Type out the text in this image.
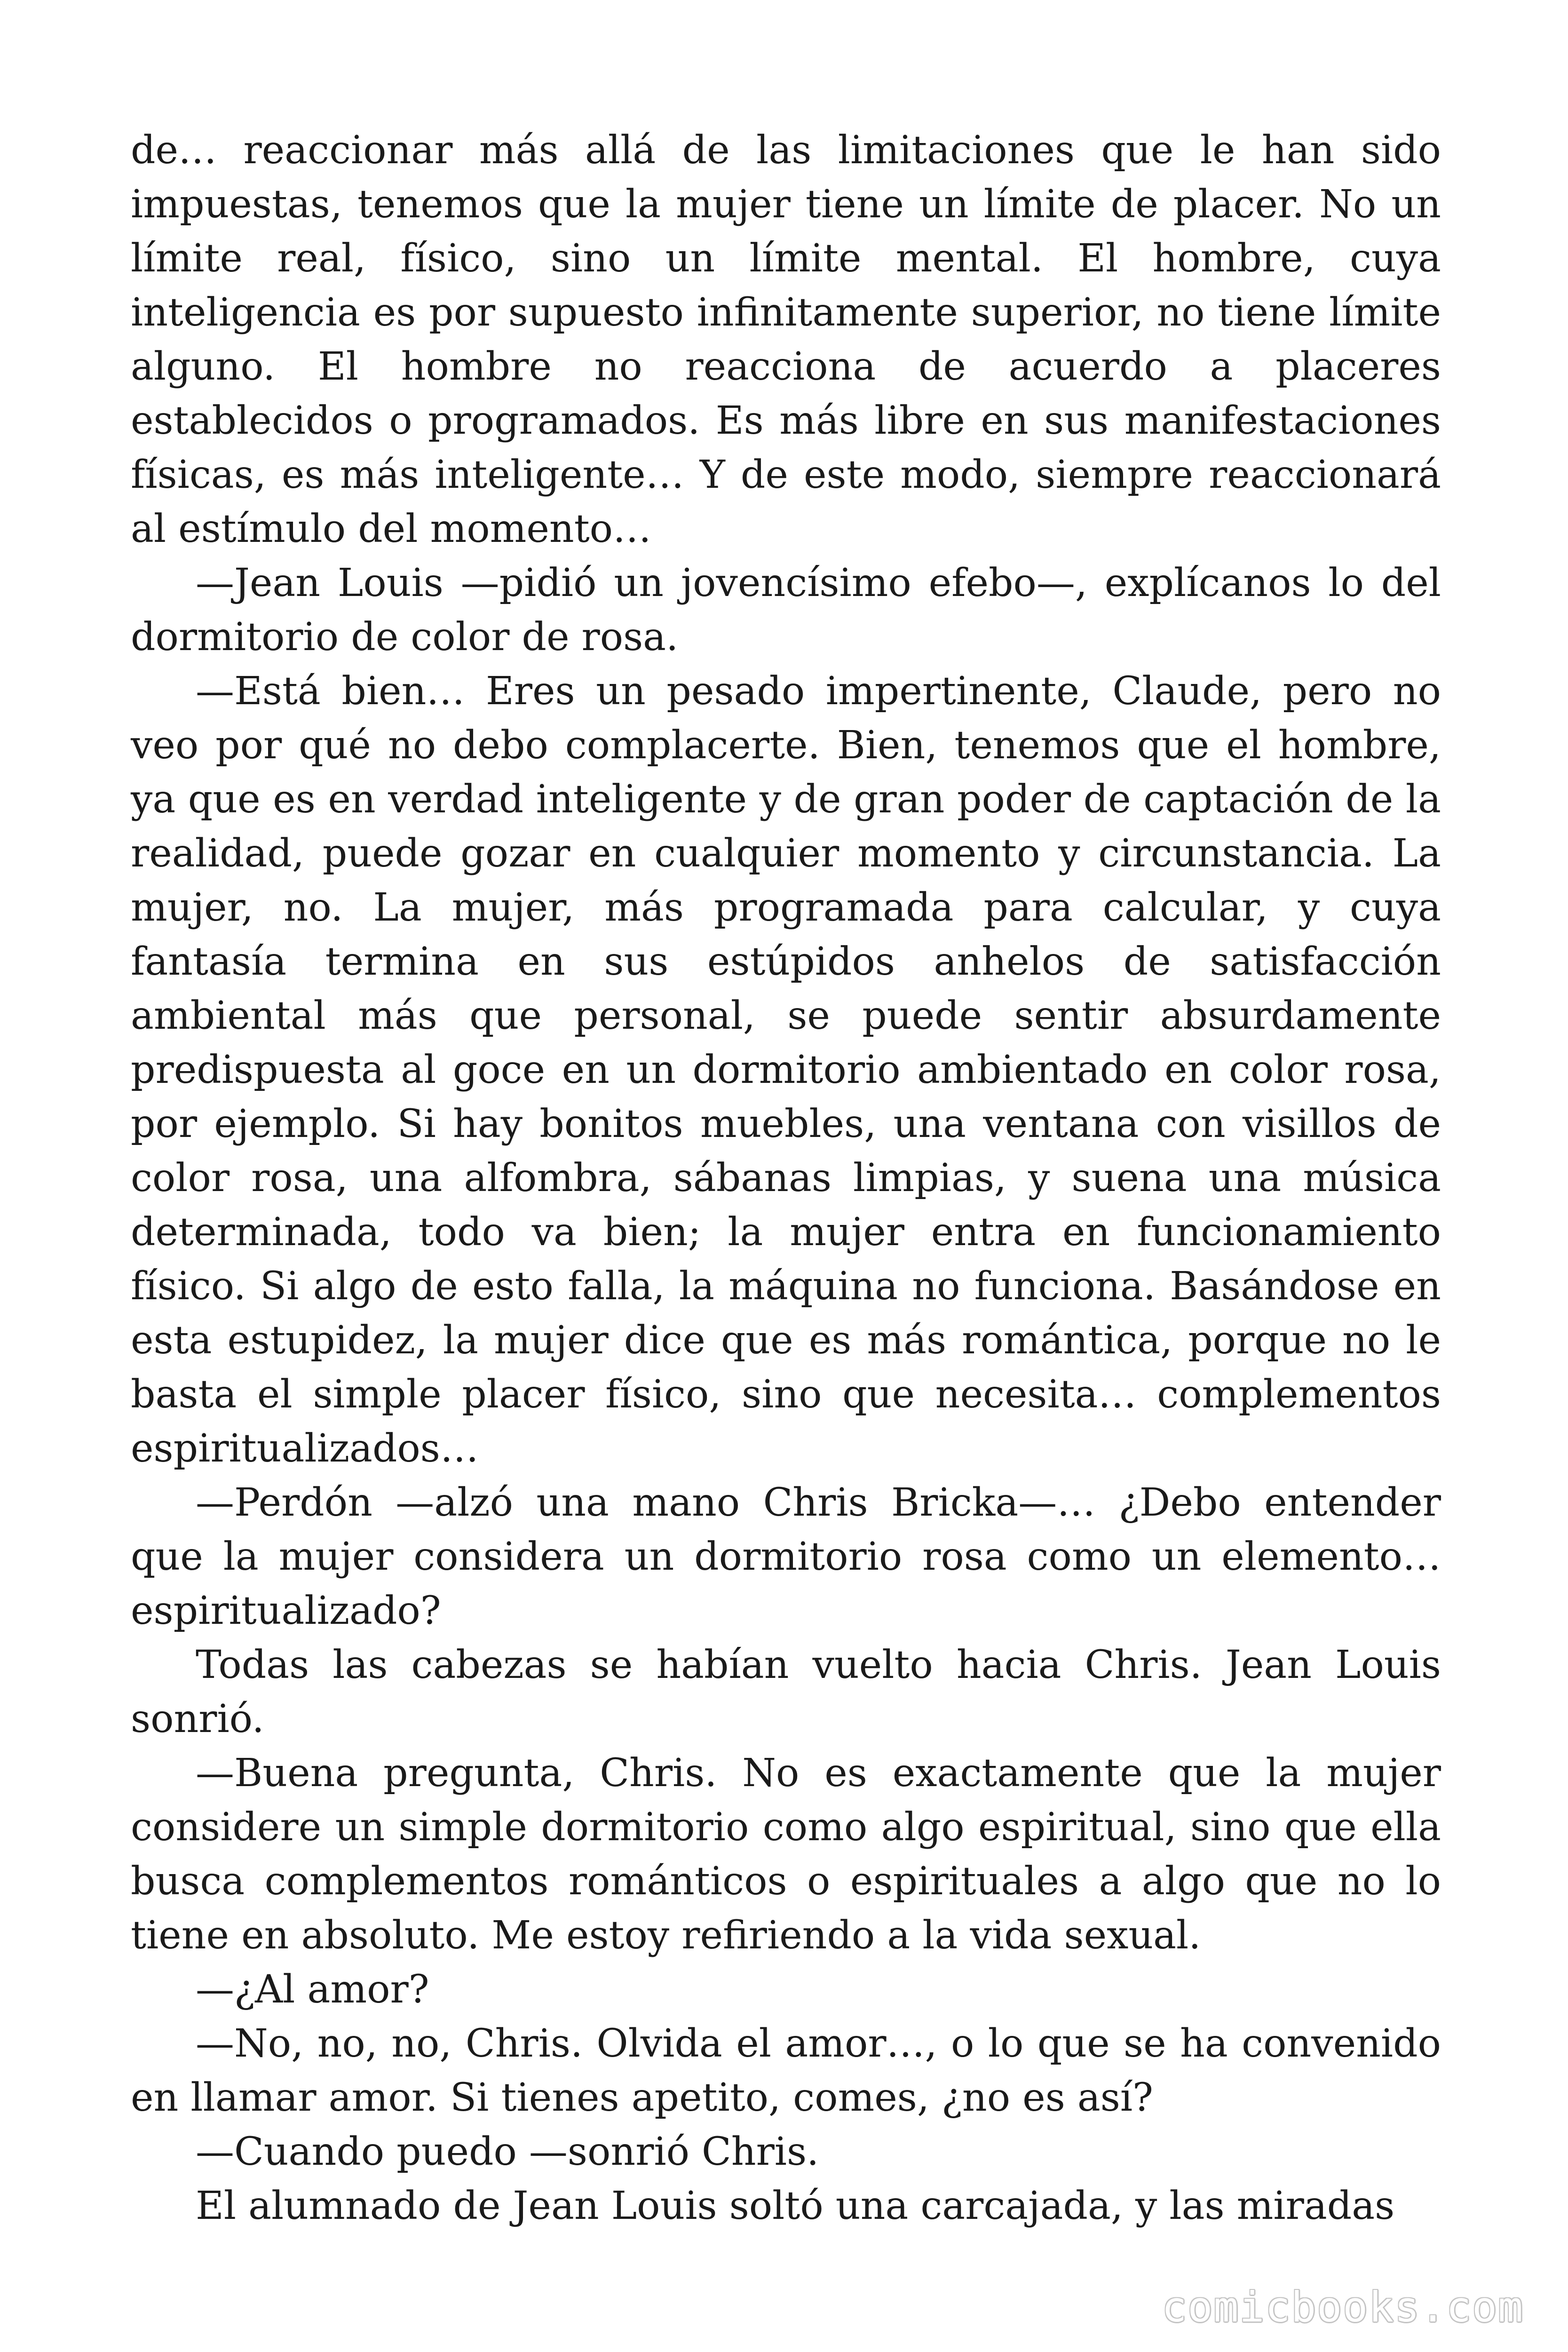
de… reaccionar más allá de las limitaciones que le han sido impuestas, tenemos que la mujer tiene un límite de placer. No un límite real, físico, sino un límite mental. El hombre, cuya inteligencia es por supuesto infinitamente superior, no tiene límite alguno. El hombre no reacciona de acuerdo a placeres establecidos o programados. Es más libre en sus manifestaciones físicas, es más inteligente… Y de este modo, siempre reaccionará al estímulo del momento…

—Jean Louis —pidió un jovencísimo efebo—, explícanos lo del dormitorio de color de rosa.

—Está bien… Eres un pesado impertinente, Claude, pero no veo por qué no debo complacerte. Bien, tenemos que el hombre, ya que es en verdad inteligente y de gran poder de captación de la realidad, puede gozar en cualquier momento y circunstancia. La mujer, no. La mujer, más programada para calcular, y cuya fantasía termina en sus estúpidos anhelos de satisfacción ambiental más que personal, se puede sentir absurdamente predispuesta al goce en un dormitorio ambientado en color rosa, por ejemplo. Si hay bonitos muebles, una ventana con visillos de color rosa, una alfombra, sábanas limpias, y suena una música determinada, todo va bien; la mujer entra en funcionamiento físico. Si algo de esto falla, la máquina no funciona. Basándose en esta estupidez, la mujer dice que es más romántica, porque no le basta el simple placer físico, sino que necesita… complementos espiritualizados…

—Perdón —alzó una mano Chris Bricka—… ¿Debo entender que la mujer considera un dormitorio rosa como un elemento… espiritualizado?

Todas las cabezas se habían vuelto hacia Chris. Jean Louis sonrió.

—Buena pregunta, Chris. No es exactamente que la mujer considere un simple dormitorio como algo espiritual, sino que ella busca complementos románticos o espirituales a algo que no lo tiene en absoluto. Me estoy refiriendo a la vida sexual.

—¿Al amor?

—No, no, no, Chris. Olvida el amor…, o lo que se ha convenido en llamar amor. Si tienes apetito, comes, ¿no es así?

—Cuando puedo —sonrió Chris.

El alumnado de Jean Louis soltó una carcajada, y las miradas

comicbooks.com
